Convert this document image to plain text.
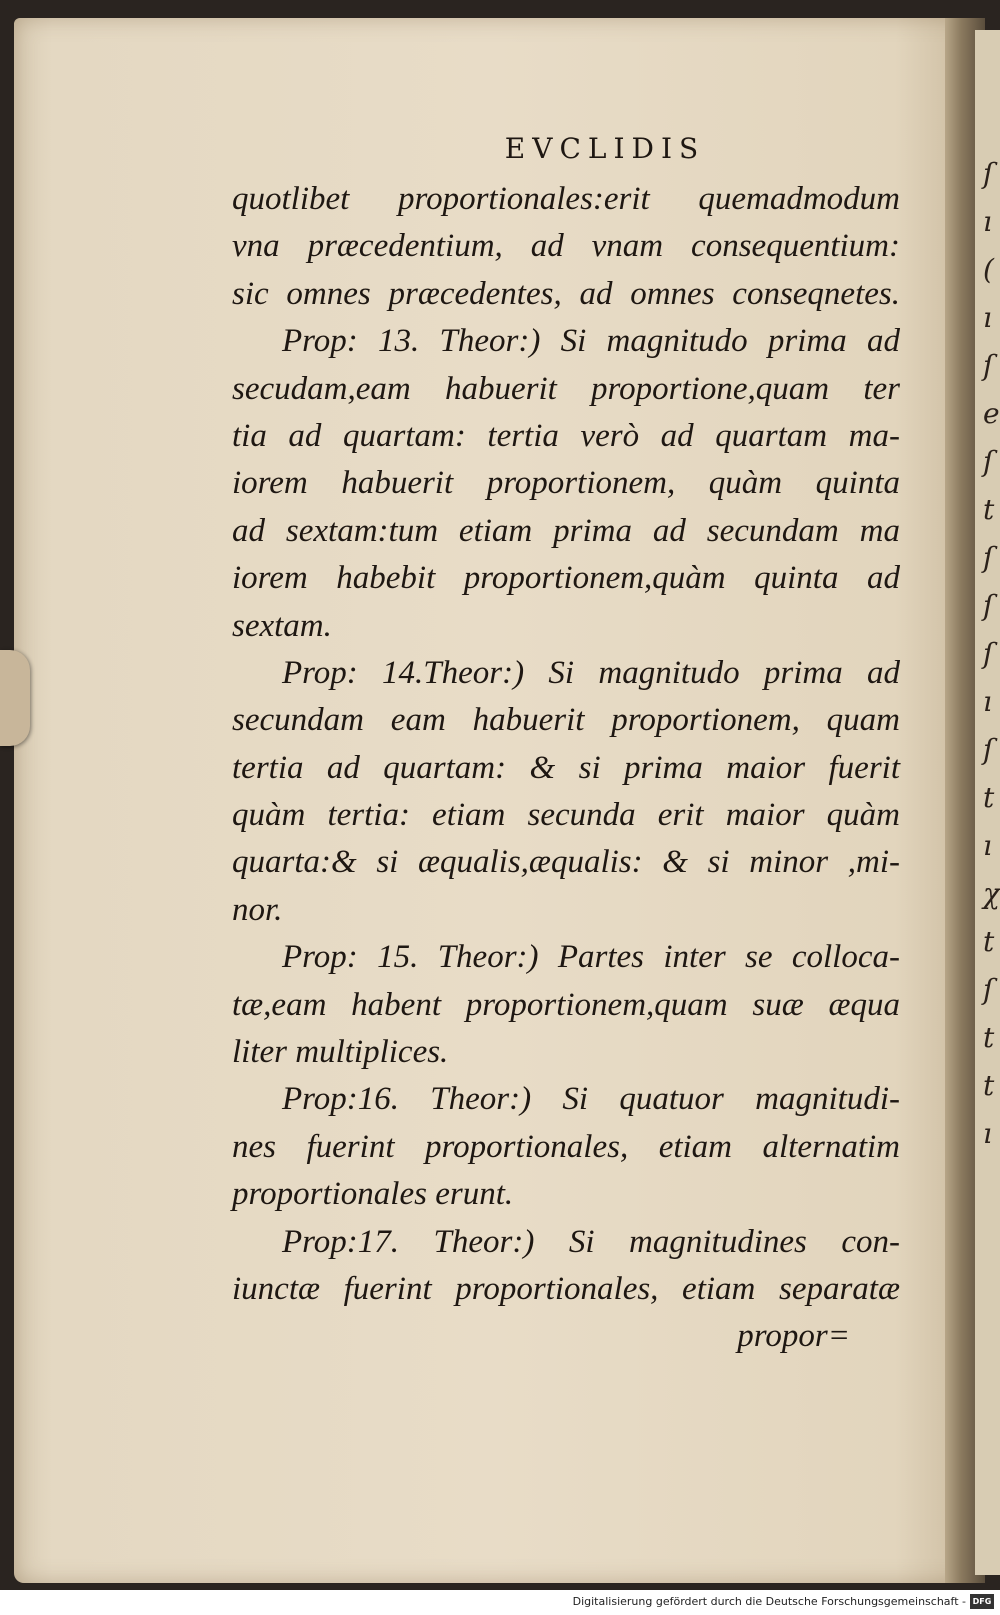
ſ
ı
(
ı
ſ
e
ſ
t
ſ
ſ
ſ
ı
ſ
t
ı
χ
t
ſ
t
t
ı
EVCLIDIS
quotlibet proportionales:erit quemadmodum
vna præcedentium, ad vnam consequentium:
sic omnes præcedentes, ad omnes conseqnetes.
Prop: 13. Theor:) Si magnitudo prima ad
secudam,eam habuerit proportione,quam ter
tia ad quartam: tertia verò ad quartam ma-
iorem habuerit proportionem, quàm quinta
ad sextam:tum etiam prima ad secundam ma
iorem habebit proportionem,quàm quinta ad
sextam.
Prop: 14.Theor:) Si magnitudo prima ad
secundam eam habuerit proportionem, quam
tertia ad quartam: & si prima maior fuerit
quàm tertia: etiam secunda erit maior quàm
quarta:& si æqualis,æqualis: & si minor ,mi-
nor.
Prop: 15. Theor:) Partes inter se colloca-
tæ,eam habent proportionem,quam suæ æqua
liter multiplices.
Prop:16. Theor:) Si quatuor magnitudi-
nes fuerint proportionales, etiam alternatim
proportionales erunt.
Prop:17. Theor:) Si magnitudines con-
iunctæ fuerint proportionales, etiam separatæ
propor=
Digitalisierung gefördert durch die Deutsche Forschungsgemeinschaft - DFG
